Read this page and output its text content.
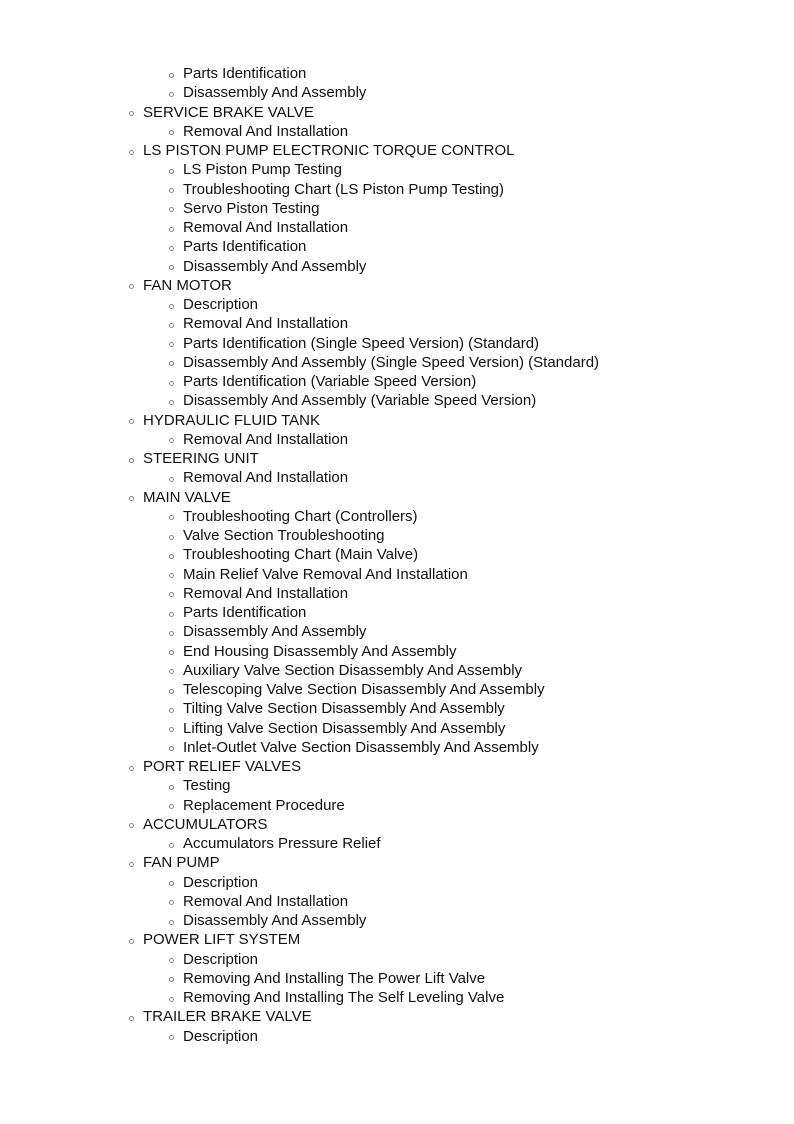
Parts Identification
Disassembly And Assembly
SERVICE BRAKE VALVE
Removal And Installation
LS PISTON PUMP ELECTRONIC TORQUE CONTROL
LS Piston Pump Testing
Troubleshooting Chart (LS Piston Pump Testing)
Servo Piston Testing
Removal And Installation
Parts Identification
Disassembly And Assembly
FAN MOTOR
Description
Removal And Installation
Parts Identification (Single Speed Version) (Standard)
Disassembly And Assembly (Single Speed Version) (Standard)
Parts Identification (Variable Speed Version)
Disassembly And Assembly (Variable Speed Version)
HYDRAULIC FLUID TANK
Removal And Installation
STEERING UNIT
Removal And Installation
MAIN VALVE
Troubleshooting Chart (Controllers)
Valve Section Troubleshooting
Troubleshooting Chart (Main Valve)
Main Relief Valve Removal And Installation
Removal And Installation
Parts Identification
Disassembly And Assembly
End Housing Disassembly And Assembly
Auxiliary Valve Section Disassembly And Assembly
Telescoping Valve Section Disassembly And Assembly
Tilting Valve Section Disassembly And Assembly
Lifting Valve Section Disassembly And Assembly
Inlet-Outlet Valve Section Disassembly And Assembly
PORT RELIEF VALVES
Testing
Replacement Procedure
ACCUMULATORS
Accumulators Pressure Relief
FAN PUMP
Description
Removal And Installation
Disassembly And Assembly
POWER LIFT SYSTEM
Description
Removing And Installing The Power Lift Valve
Removing And Installing The Self Leveling Valve
TRAILER BRAKE VALVE
Description
